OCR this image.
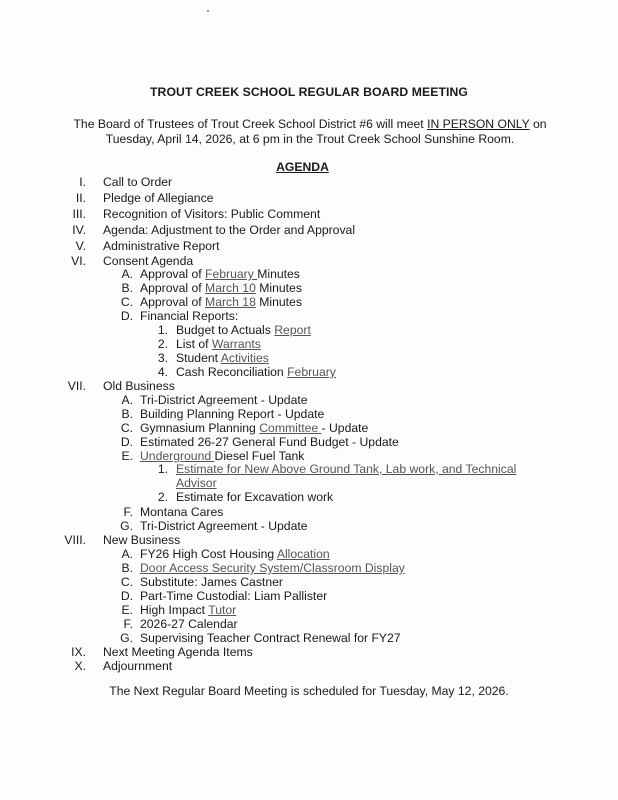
TROUT CREEK SCHOOL REGULAR BOARD MEETING
The Board of Trustees of Trout Creek School District #6 will meet IN PERSON ONLY on
Tuesday, April 14, 2026, at 6 pm in the Trout Creek School Sunshine Room.
AGENDA
I. Call to Order
II. Pledge of Allegiance
III. Recognition of Visitors: Public Comment
IV. Agenda: Adjustment to the Order and Approval
V. Administrative Report
VI. Consent Agenda
A. Approval of February Minutes
B. Approval of March 10 Minutes
C. Approval of March 18 Minutes
D. Financial Reports:
1. Budget to Actuals Report
2. List of Warrants
3. Student Activities
4. Cash Reconciliation February
VII. Old Business
A. Tri-District Agreement - Update
B. Building Planning Report - Update
C. Gymnasium Planning Committee - Update
D. Estimated 26-27 General Fund Budget - Update
E. Underground Diesel Fuel Tank
1. Estimate for New Above Ground Tank, Lab work, and Technical
Advisor
2. Estimate for Excavation work
F. Montana Cares
G. Tri-District Agreement - Update
VIII. New Business
A. FY26 High Cost Housing Allocation
B. Door Access Security System/Classroom Display
C. Substitute: James Castner
D. Part-Time Custodial: Liam Pallister
E. High Impact Tutor
F. 2026-27 Calendar
G. Supervising Teacher Contract Renewal for FY27
IX. Next Meeting Agenda Items
X. Adjournment
The Next Regular Board Meeting is scheduled for Tuesday, May 12, 2026.
